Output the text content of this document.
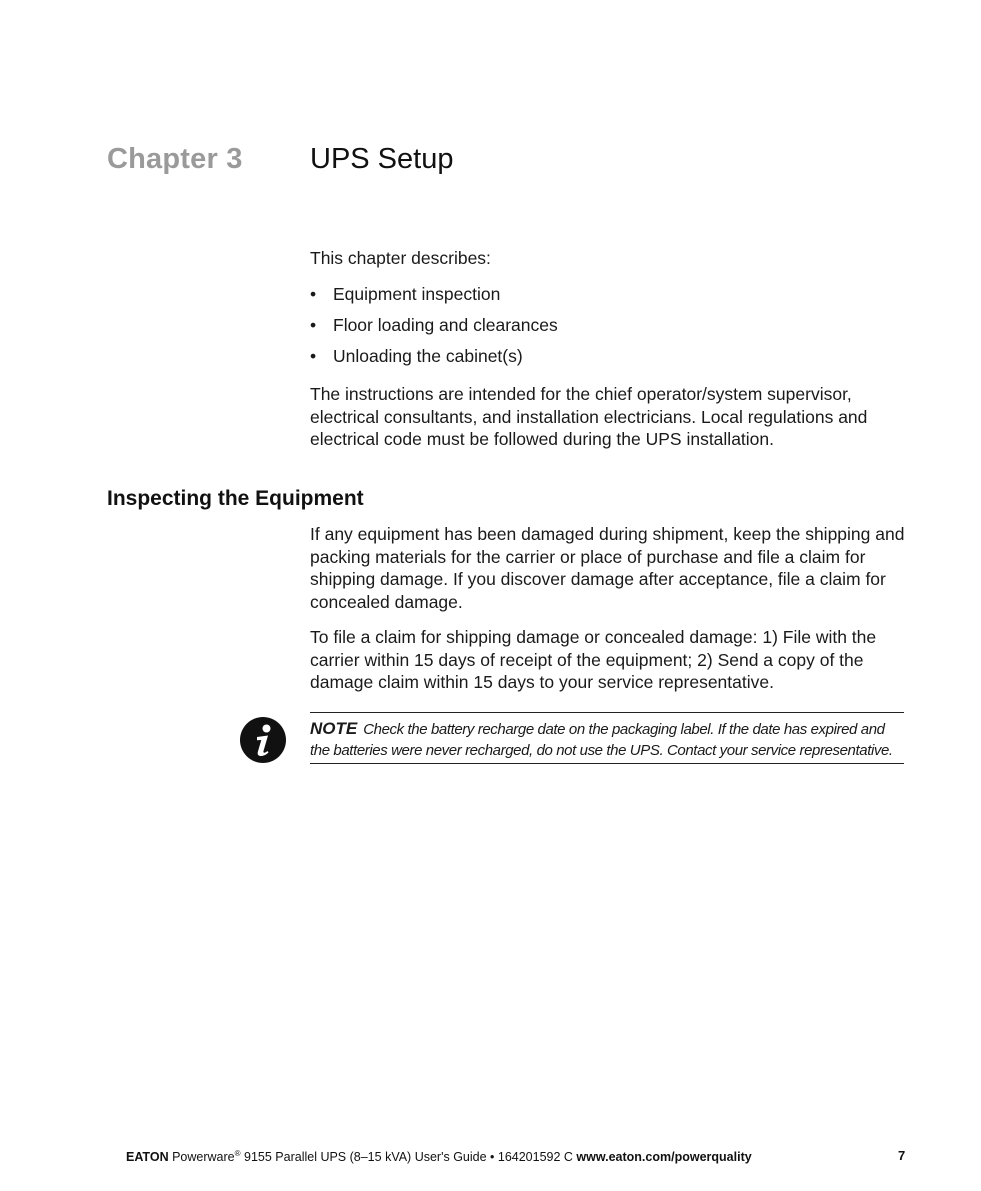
Chapter 3 UPS Setup

This chapter describes:

• Equipment inspection
• Floor loading and clearances
• Unloading the cabinet(s)

The instructions are intended for the chief operator/system supervisor, electrical consultants, and installation electricians. Local regulations and electrical code must be followed during the UPS installation.

Inspecting the Equipment

If any equipment has been damaged during shipment, keep the shipping and packing materials for the carrier or place of purchase and file a claim for shipping damage. If you discover damage after acceptance, file a claim for concealed damage.

To file a claim for shipping damage or concealed damage: 1) File with the carrier within 15 days of receipt of the equipment; 2) Send a copy of the damage claim within 15 days to your service representative.

NOTE Check the battery recharge date on the packaging label. If the date has expired and the batteries were never recharged, do not use the UPS. Contact your service representative.
EATON Powerware® 9155 Parallel UPS (8–15 kVA) User's Guide • 164201592 C www.eaton.com/powerquality	7
